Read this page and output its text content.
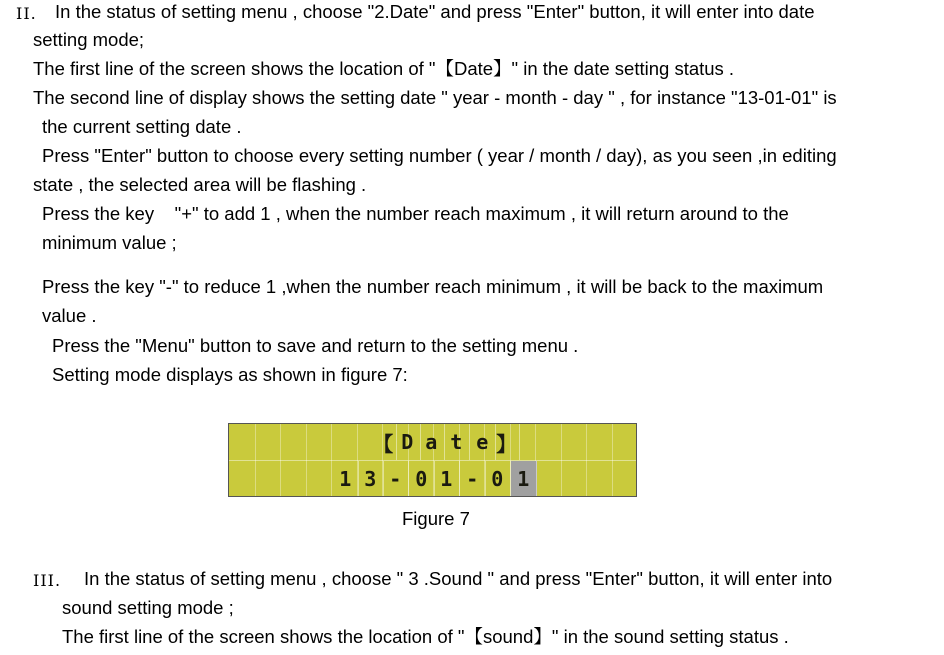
II. In the status of setting menu , choose "2.Date" and press "Enter" button, it will enter into date
setting mode;
The first line of the screen shows the location of "【Date】" in the date setting status .
The second line of display shows the setting date " year - month - day " , for instance "13-01-01" is
the current setting date .
Press "Enter" button to choose every setting number ( year / month / day), as you seen ,in editing
state , the selected area will be flashing .
Press the key    "+" to add 1 , when the number reach maximum , it will return around to the
minimum value ;
Press the key "-" to reduce 1 ,when the number reach minimum , it will be back to the maximum
value .
Press the "Menu" button to save and return to the setting menu .
Setting mode displays as shown in figure 7:
【 D a t e 】
1 3 - 0 1 - 0 1
Figure 7
III. In the status of setting menu , choose " 3 .Sound " and press "Enter" button, it will enter into
sound setting mode ;
The first line of the screen shows the location of "【sound】" in the sound setting status .
